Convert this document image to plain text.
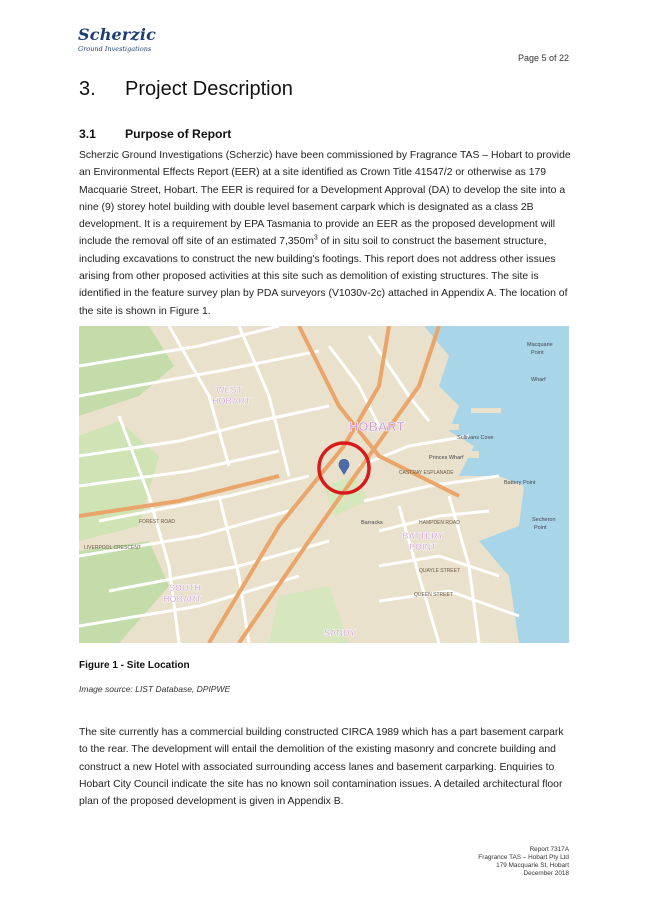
Scherzic
Ground Investigations
Page 5 of 22
3. Project Description
3.1 Purpose of Report
Scherzic Ground Investigations (Scherzic) have been commissioned by Fragrance TAS – Hobart to provide an Environmental Effects Report (EER) at a site identified as Crown Title 41547/2 or otherwise as 179 Macquarie Street, Hobart. The EER is required for a Development Approval (DA) to develop the site into a nine (9) storey hotel building with double level basement carpark which is designated as a class 2B development. It is a requirement by EPA Tasmania to provide an EER as the proposed development will include the removal off site of an estimated $7,350m^3$ of in situ soil to construct the basement structure, including excavations to construct the new building's footings. This report does not address other issues arising from other proposed activities at this site such as demolition of existing structures. The site is identified in the feature survey plan by PDA surveyors (V1030v-2c) attached in Appendix A. The location of the site is shown in Figure 1.
WEST
HOBART
HOBART
BATTERY
POINT
SOUTH
HOBART
SANDY
Sullivans Cove
Princes Wharf
Battery Point
Secheron
Point
Macquarie
Point
Wharf
Barracks
FOREST ROAD
LIVERPOOL CRESCENT
QUAYLE STREET
QUEEN STREET
HAMPDEN ROAD
CASTRAY ESPLANADE
Figure 1 - Site Location
Image source: LIST Database, DPIPWE
The site currently has a commercial building constructed CIRCA 1989 which has a part basement carpark to the rear. The development will entail the demolition of the existing masonry and concrete building and construct a new Hotel with associated surrounding access lanes and basement carparking. Enquiries to Hobart City Council indicate the site has no known soil contamination issues. A detailed architectural floor plan of the proposed development is given in Appendix B.
Report 7317A
Fragrance TAS – Hobart Pty Ltd
179 Macquarie St, Hobart
December 2018
